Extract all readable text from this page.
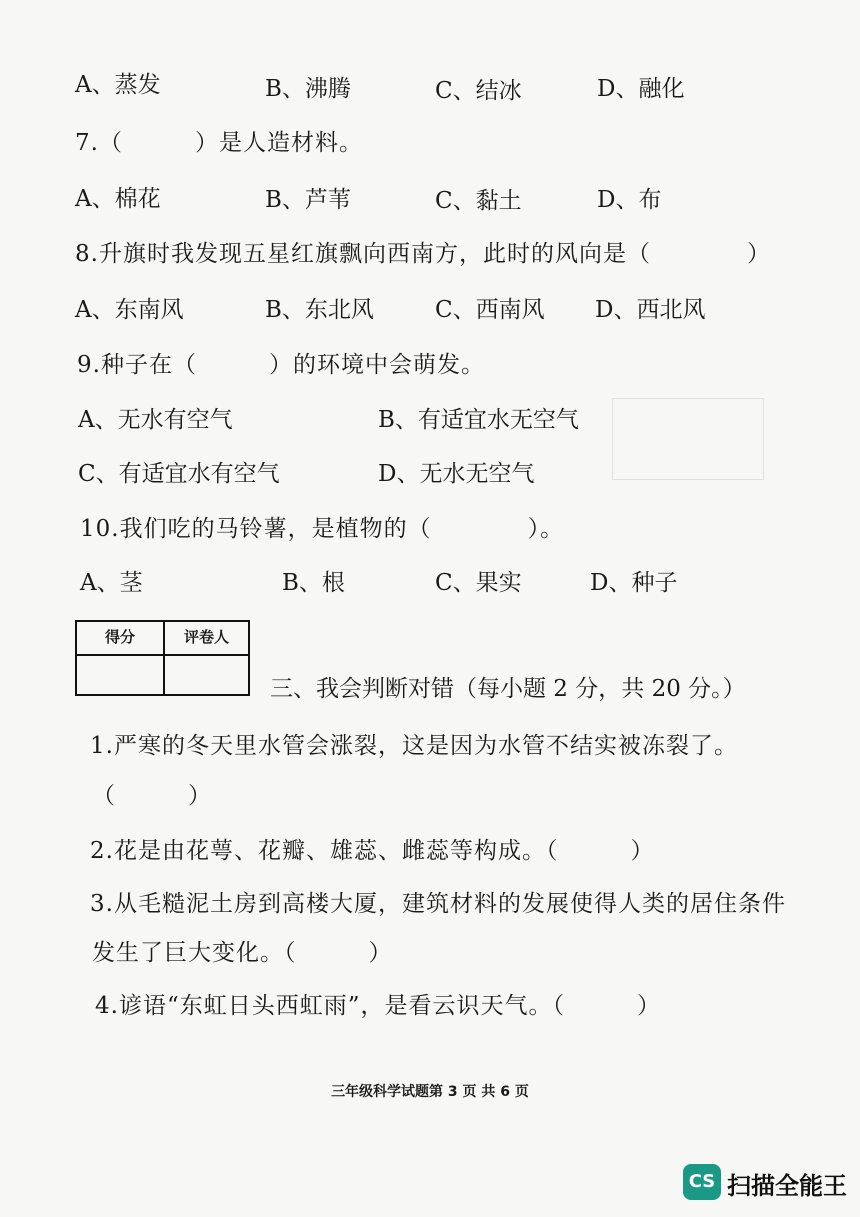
A、蒸发	B、沸腾	C、结冰	D、融化
7.（　　　）是人造材料。
A、棉花	B、芦苇	C、黏土	D、布
8.升旗时我发现五星红旗飘向西南方，此时的风向是（　　　　）
A、东南风	B、东北风	C、西南风 D、西北风
9.种子在（　　　）的环境中会萌发。
A、无水有空气	B、有适宜水无空气
C、有适宜水有空气	D、无水无空气
10.我们吃的马铃薯，是植物的（　　　　）。
A、茎	B、根	C、果实	D、种子
得分	评卷人
三、我会判断对错（每小题 2 分，共 20 分。）
1.严寒的冬天里水管会涨裂，这是因为水管不结实被冻裂了。
（　　　）
2.花是由花萼、花瓣、雄蕊、雌蕊等构成。（　　　）
3.从毛糙泥土房到高楼大厦，建筑材料的发展使得人类的居住条件
发生了巨大变化。（　　　）
4.谚语“东虹日头西虹雨”，是看云识天气。（　　　）
三年级科学试题第 3 页 共 6 页
CS 扫描全能王
